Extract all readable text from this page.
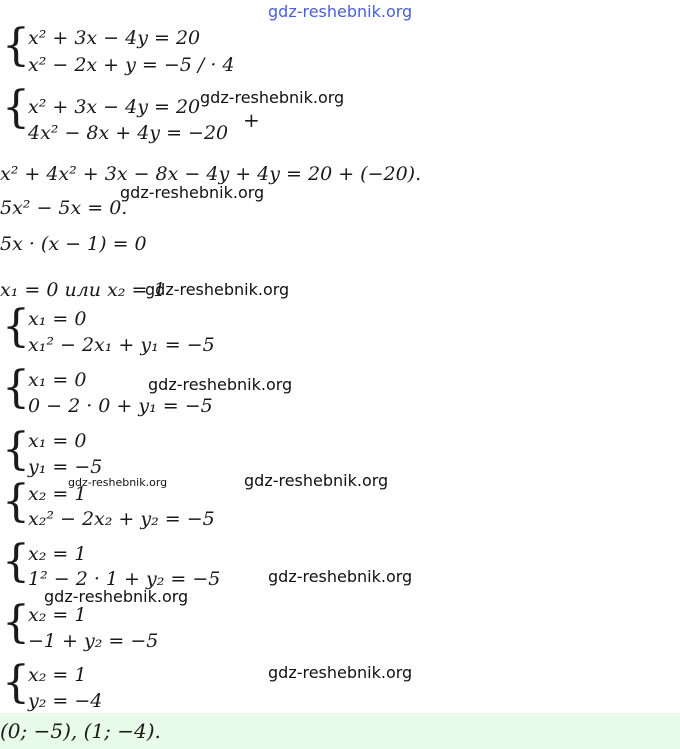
gdz-reshebnik.org
{
x² + 3x − 4y = 20
x² − 2x + y = −5 / · 4
{
x² + 3x − 4y = 20
4x² − 8x + 4y = −20
+
gdz-reshebnik.org
x² + 4x² + 3x − 8x − 4y + 4y = 20 + (−20).
gdz-reshebnik.org
5x² − 5x = 0.
5x · (x − 1) = 0
x₁ = 0 или x₂ = 1
gdz-reshebnik.org
{
x₁ = 0
x₁² − 2x₁ + y₁ = −5
{
x₁ = 0
0 − 2 · 0 + y₁ = −5
gdz-reshebnik.org
{
x₁ = 0
y₁ = −5
gdz-reshebnik.org	gdz-reshebnik.org
{
x₂ = 1
x₂² − 2x₂ + y₂ = −5
{
x₂ = 1
1² − 2 · 1 + y₂ = −5	gdz-reshebnik.org
gdz-reshebnik.org
{
x₂ = 1
−1 + y₂ = −5
{
x₂ = 1
y₂ = −4
gdz-reshebnik.org
(0; −5), (1; −4).
